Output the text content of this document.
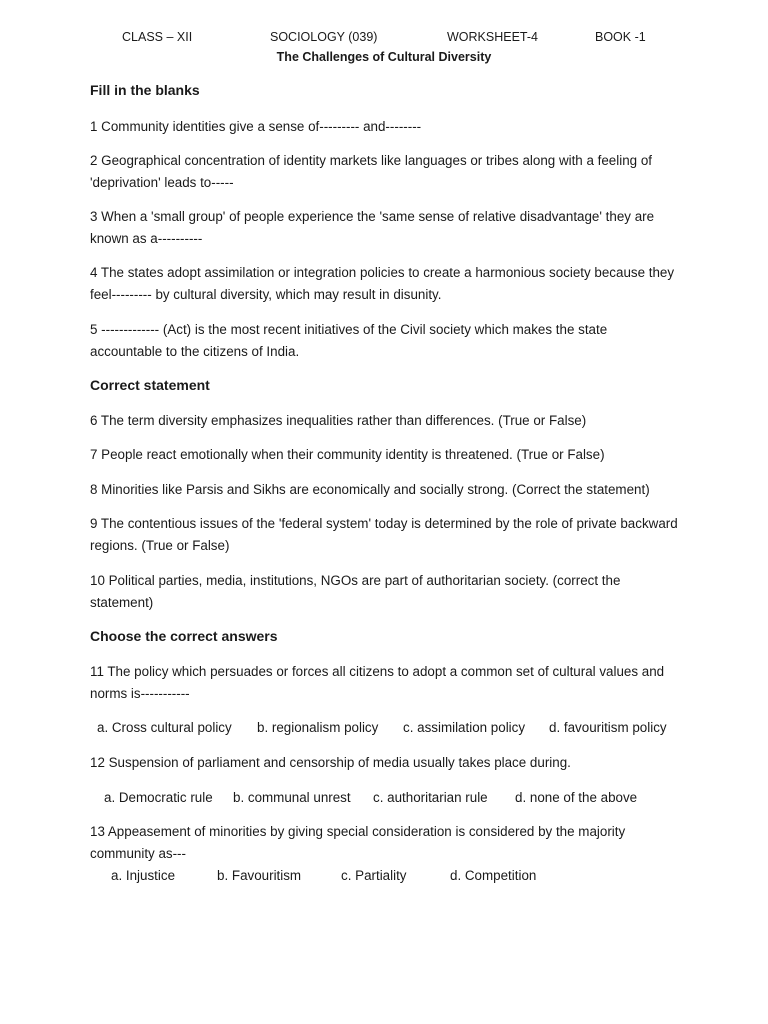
CLASS – XII	SOCIOLOGY (039)	WORKSHEET-4	BOOK -1
The Challenges of Cultural Diversity
Fill in the blanks
1 Community identities give a sense of--------- and--------
2 Geographical concentration of identity markets like languages or tribes along with a feeling of 'deprivation' leads to-----
3 When a 'small group' of people experience the 'same sense of relative disadvantage' they are known as a----------
4 The states adopt assimilation or integration policies to create a harmonious society because they feel--------- by cultural diversity, which may result in disunity.
5 ------------- (Act) is the most recent initiatives of the Civil society which makes the state accountable to the citizens of India.
Correct statement
6 The term diversity emphasizes inequalities rather than differences. (True or False)
7 People react emotionally when their community identity is threatened. (True or False)
8 Minorities like Parsis and Sikhs are economically and socially strong. (Correct the statement)
9 The contentious issues of the 'federal system' today is determined by the role of private backward regions. (True or False)
10 Political parties, media, institutions, NGOs are part of authoritarian society. (correct the statement)
Choose the correct answers
11 The policy which persuades or forces all citizens to adopt a common set of cultural values and norms is-----------
a. Cross cultural policy b. regionalism policy c. assimilation policy d. favouritism policy
12 Suspension of parliament and censorship of media usually takes place during.
a. Democratic rule b. communal unrest c. authoritarian rule d. none of the above
13 Appeasement of minorities by giving special consideration is considered by the majority community as---
a. Injustice	b. Favouritism	c. Partiality	d. Competition
